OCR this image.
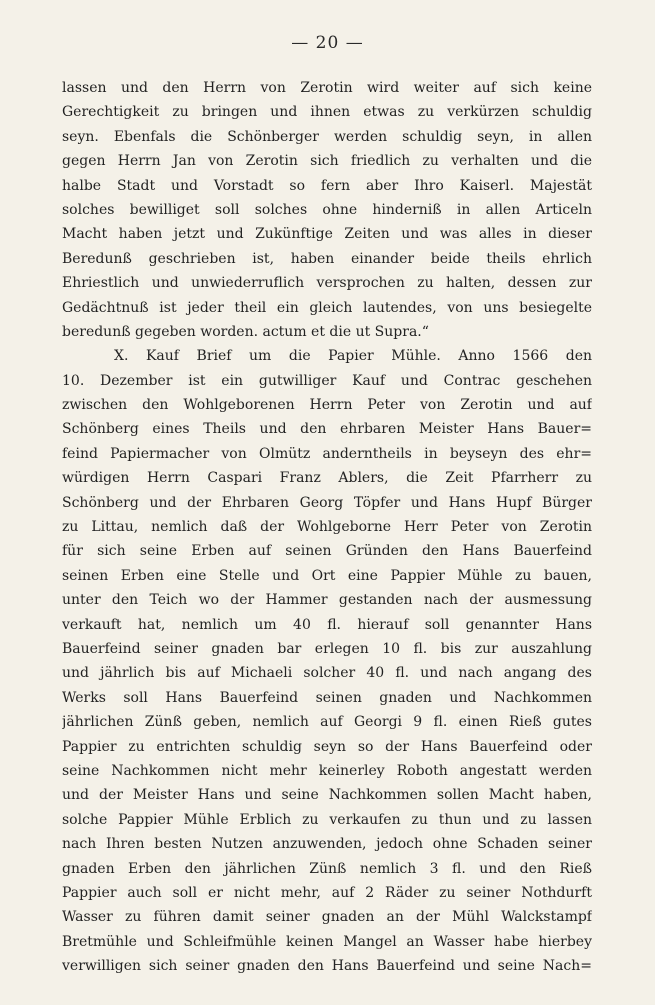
— 20 —
lassen und den Herrn von Zerotin wird weiter auf sich keine
Gerechtigkeit zu bringen und ihnen etwas zu verkürzen schuldig
seyn. Ebenfals die Schönberger werden schuldig seyn, in allen
gegen Herrn Jan von Zerotin sich friedlich zu verhalten und die
halbe Stadt und Vorstadt so fern aber Ihro Kaiserl. Majestät
solches bewilliget soll solches ohne hinderniß in allen Articeln
Macht haben jetzt und Zukünftige Zeiten und was alles in dieser
Beredunß geschrieben ist, haben einander beide theils ehrlich
Ehriestlich und unwiederruflich versprochen zu halten, dessen zur
Gedächtnuß ist jeder theil ein gleich lautendes, von uns besiegelte
beredunß gegeben worden. actum et die ut Supra.“
X. Kauf Brief um die Papier Mühle. Anno 1566 den
10. Dezember ist ein gutwilliger Kauf und Contrac geschehen
zwischen den Wohlgeborenen Herrn Peter von Zerotin und auf
Schönberg eines Theils und den ehrbaren Meister Hans Bauer=
feind Papiermacher von Olmütz anderntheils in beyseyn des ehr=
würdigen Herrn Caspari Franz Ablers, die Zeit Pfarrherr zu
Schönberg und der Ehrbaren Georg Töpfer und Hans Hupf Bürger
zu Littau, nemlich daß der Wohlgeborne Herr Peter von Zerotin
für sich seine Erben auf seinen Gründen den Hans Bauerfeind
seinen Erben eine Stelle und Ort eine Pappier Mühle zu bauen,
unter den Teich wo der Hammer gestanden nach der ausmessung
verkauft hat, nemlich um 40 fl. hierauf soll genannter Hans
Bauerfeind seiner gnaden bar erlegen 10 fl. bis zur auszahlung
und jährlich bis auf Michaeli solcher 40 fl. und nach angang des
Werks soll Hans Bauerfeind seinen gnaden und Nachkommen
jährlichen Zünß geben, nemlich auf Georgi 9 fl. einen Rieß gutes
Pappier zu entrichten schuldig seyn so der Hans Bauerfeind oder
seine Nachkommen nicht mehr keinerley Roboth angestatt werden
und der Meister Hans und seine Nachkommen sollen Macht haben,
solche Pappier Mühle Erblich zu verkaufen zu thun und zu lassen
nach Ihren besten Nutzen anzuwenden, jedoch ohne Schaden seiner
gnaden Erben den jährlichen Zünß nemlich 3 fl. und den Rieß
Pappier auch soll er nicht mehr, auf 2 Räder zu seiner Nothdurft
Wasser zu führen damit seiner gnaden an der Mühl Walckstampf
Bretmühle und Schleifmühle keinen Mangel an Wasser habe hierbey
verwilligen sich seiner gnaden den Hans Bauerfeind und seine Nach=
